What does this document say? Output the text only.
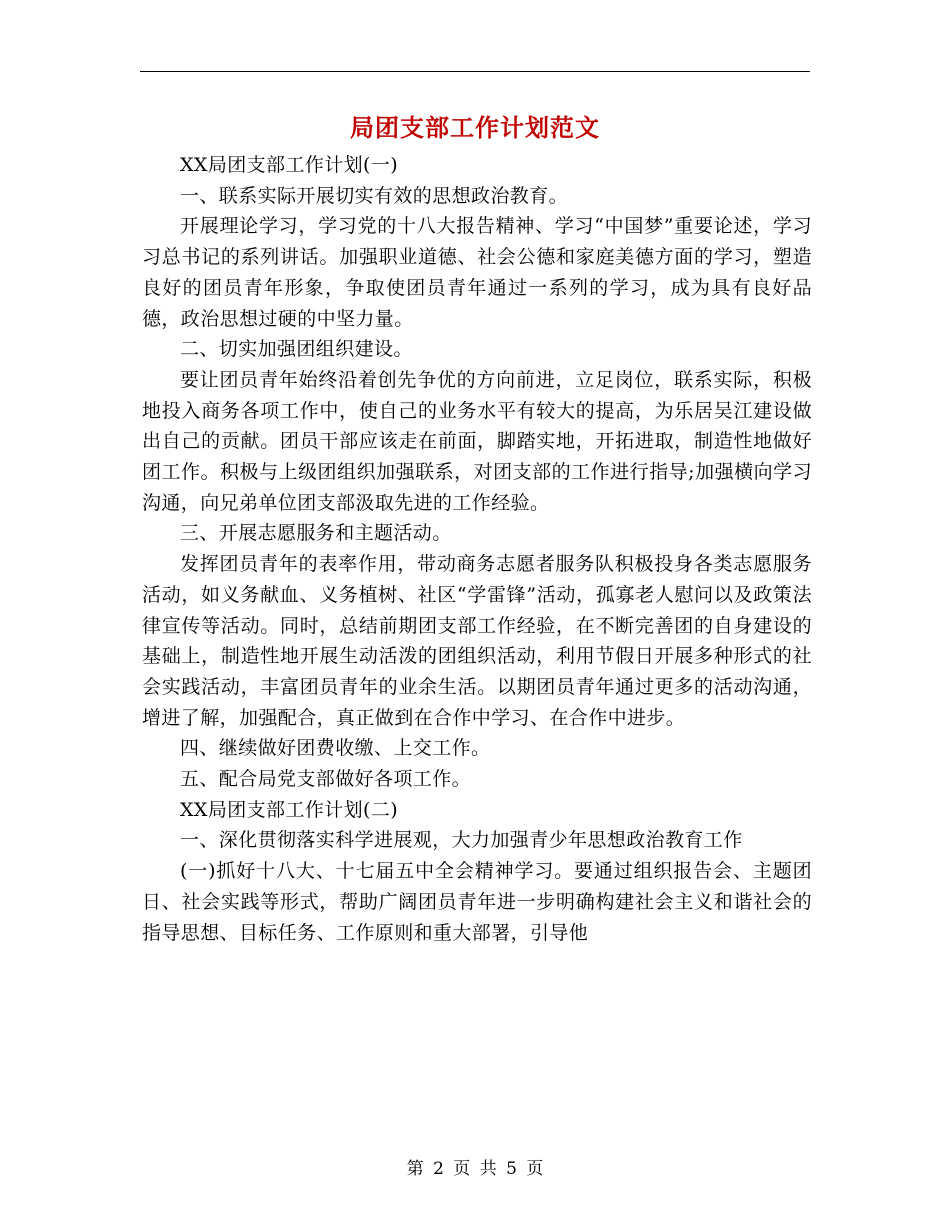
局团支部工作计划范文

XX局团支部工作计划(一)

一、联系实际开展切实有效的思想政治教育。

开展理论学习，学习党的十八大报告精神、学习“中国梦”重要论述，学习习总书记的系列讲话。加强职业道德、社会公德和家庭美德方面的学习，塑造良好的团员青年形象，争取使团员青年通过一系列的学习，成为具有良好品德，政治思想过硬的中坚力量。

二、切实加强团组织建设。

要让团员青年始终沿着创先争优的方向前进，立足岗位，联系实际，积极地投入商务各项工作中，使自己的业务水平有较大的提高，为乐居吴江建设做出自己的贡献。团员干部应该走在前面，脚踏实地，开拓进取，制造性地做好团工作。积极与上级团组织加强联系，对团支部的工作进行指导;加强横向学习沟通，向兄弟单位团支部汲取先进的工作经验。

三、开展志愿服务和主题活动。

发挥团员青年的表率作用，带动商务志愿者服务队积极投身各类志愿服务活动，如义务献血、义务植树、社区“学雷锋”活动，孤寡老人慰问以及政策法律宣传等活动。同时，总结前期团支部工作经验，在不断完善团的自身建设的基础上，制造性地开展生动活泼的团组织活动，利用节假日开展多种形式的社会实践活动，丰富团员青年的业余生活。以期团员青年通过更多的活动沟通，增进了解，加强配合，真正做到在合作中学习、在合作中进步。

四、继续做好团费收缴、上交工作。

五、配合局党支部做好各项工作。

XX局团支部工作计划(二)

一、深化贯彻落实科学进展观，大力加强青少年思想政治教育工作

(一)抓好十八大、十七届五中全会精神学习。要通过组织报告会、主题团日、社会实践等形式，帮助广阔团员青年进一步明确构建社会主义和谐社会的指导思想、目标任务、工作原则和重大部署，引导他

第 2 页 共 5 页
